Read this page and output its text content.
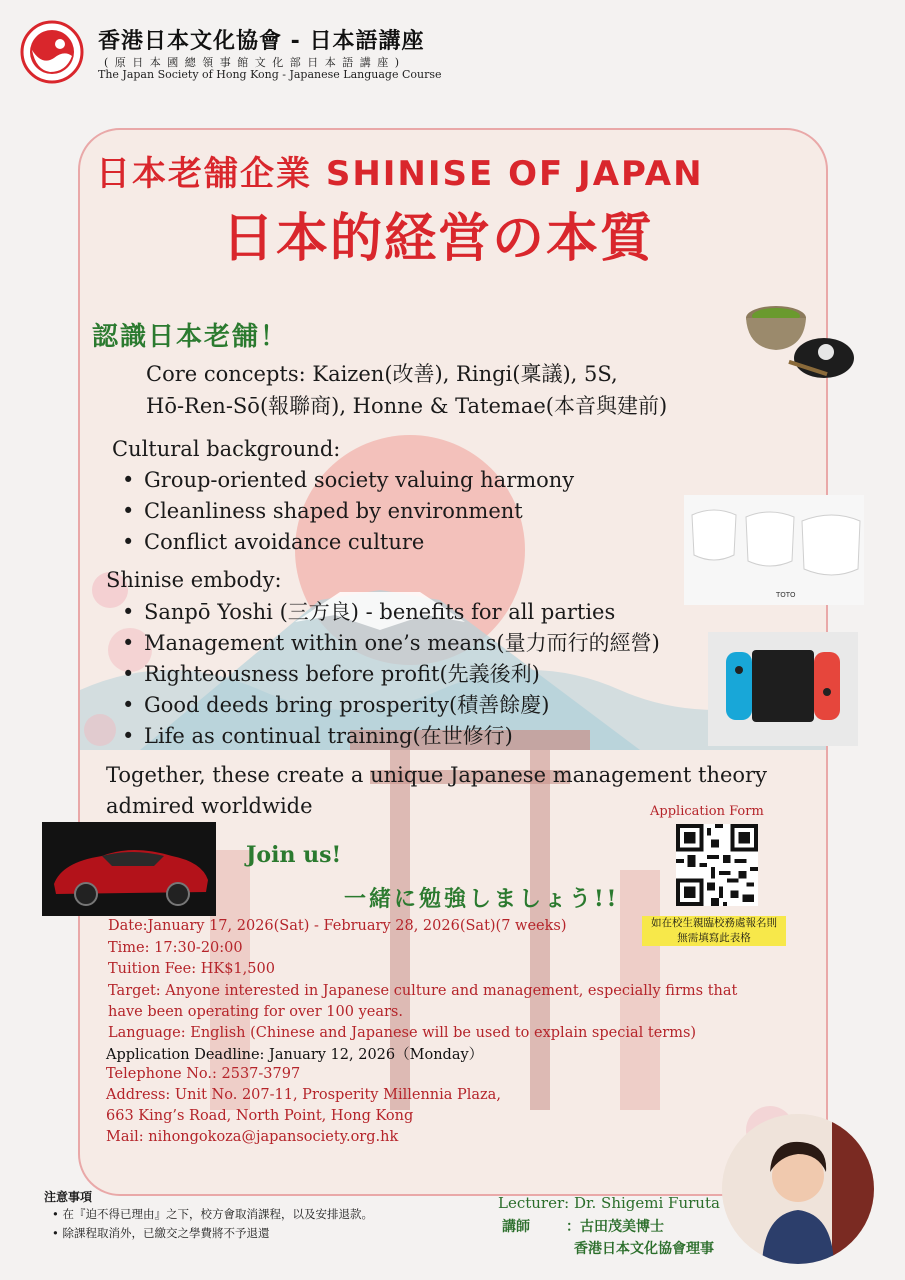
香港日本文化協會 - 日本語講座
( 原 日 本 國 總 領 事 館 文 化 部 日 本 語 講 座 )
The Japan Society of Hong Kong - Japanese Language Course
日本老舗企業 SHINISE OF JAPAN
日本的経営の本質
認識日本老舗！
Core concepts: Kaizen(改善), Ringi(稟議), 5S,
Hō-Ren-Sō(報聯商), Honne & Tatemae(本音與建前)
Cultural background:
• Group-oriented society valuing harmony
• Cleanliness shaped by environment
• Conflict avoidance culture
Shinise embody:
• Sanpō Yoshi (三方良) - benefits for all parties
• Management within one’s means(量力而行的經營)
• Righteousness before profit(先義後利)
• Good deeds bring prosperity(積善餘慶)
• Life as continual training(在世修行)
Together, these create a unique Japanese management theory admired worldwide
Join us!
一緒に勉強しましょう!!
Date:January 17, 2026(Sat) - February 28, 2026(Sat)(7 weeks)
Time: 17:30-20:00
Tuition Fee: HK$1,500
Target: Anyone interested in Japanese culture and management, especially firms that
have been operating for over 100 years.
Language: English (Chinese and Japanese will be used to explain special terms)
Application Deadline: January 12, 2026（Monday）
Telephone No.: 2537-3797
Address: Unit No. 207-11, Prosperity Millennia Plaza,
663 King’s Road, North Point, Hong Kong
Mail: nihongokoza@japansociety.org.hk
Application Form
如在校生親臨校務處報名則
無需填寫此表格
TOTO
注意事項
• 在『迫不得已理由』之下，校方會取消課程，以及安排退款。
• 除課程取消外，已繳交之學費將不予退還
Lecturer: Dr. Shigemi Furuta
講師	：古田茂美博士
香港日本文化協會理事
